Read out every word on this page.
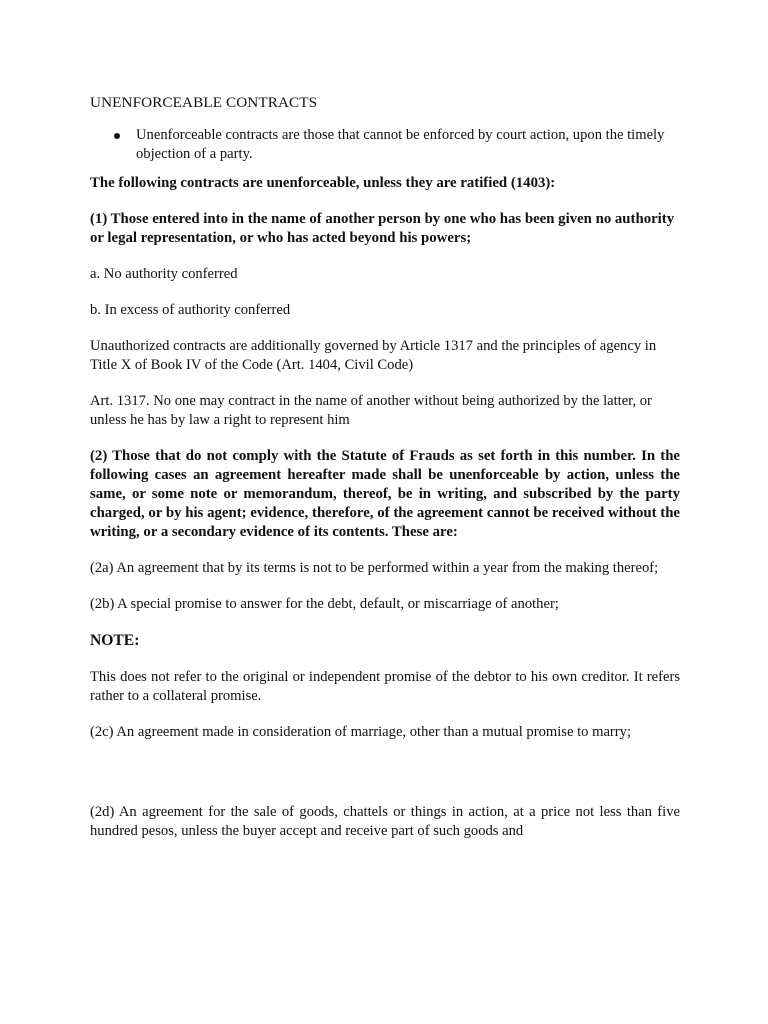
UNENFORCEABLE CONTRACTS
Unenforceable contracts are those that cannot be enforced by court action, upon the timely objection of a party.

The following contracts are unenforceable, unless they are ratified (1403):

(1) Those entered into in the name of another person by one who has been given no authority or legal representation, or who has acted beyond his powers;

a. No authority conferred

b. In excess of authority conferred

Unauthorized contracts are additionally governed by Article 1317 and the principles of agency in Title X of Book IV of the Code (Art. 1404, Civil Code)

Art. 1317. No one may contract in the name of another without being authorized by the latter, or unless he has by law a right to represent him

(2) Those that do not comply with the Statute of Frauds as set forth in this number. In the following cases an agreement hereafter made shall be unenforceable by action, unless the same, or some note or memorandum, thereof, be in writing, and subscribed by the party charged, or by his agent; evidence, therefore, of the agreement cannot be received without the writing, or a secondary evidence of its contents. These are:

(2a) An agreement that by its terms is not to be performed within a year from the making thereof;

(2b) A special promise to answer for the debt, default, or miscarriage of another;

NOTE:

This does not refer to the original or independent promise of the debtor to his own creditor. It refers rather to a collateral promise.

(2c) An agreement made in consideration of marriage, other than a mutual promise to marry;

(2d) An agreement for the sale of goods, chattels or things in action, at a price not less than five hundred pesos, unless the buyer accept and receive part of such goods and
